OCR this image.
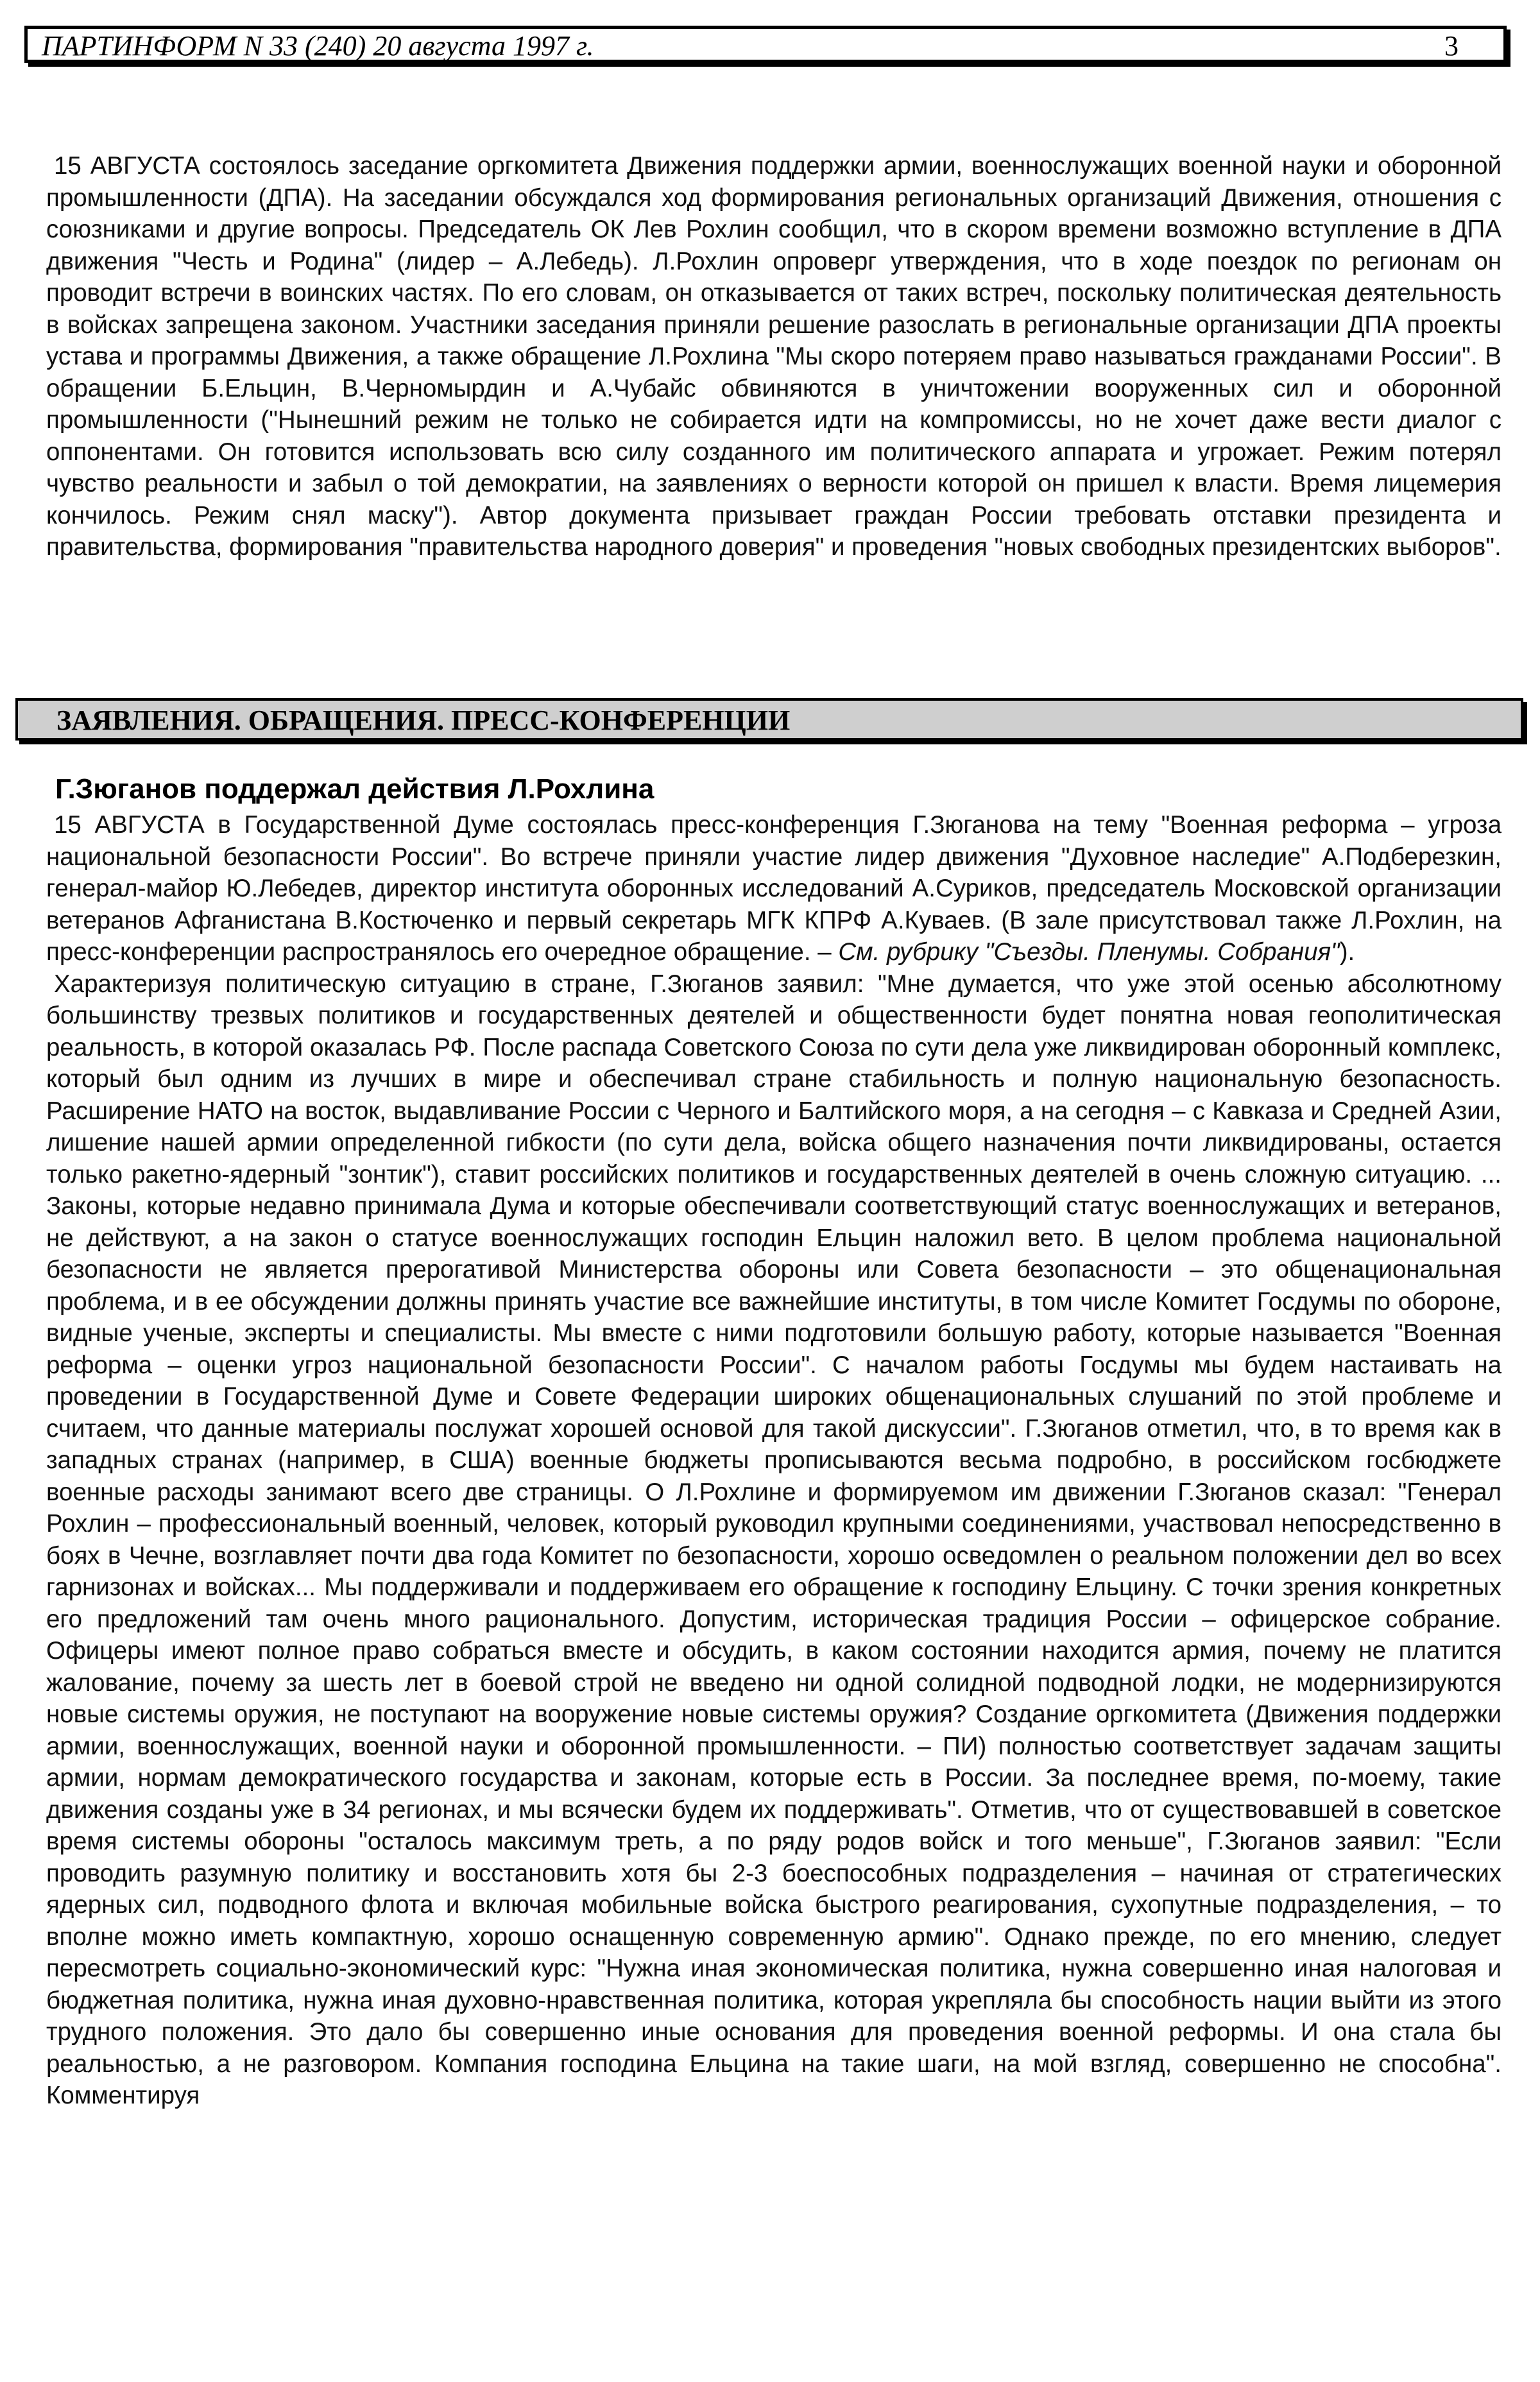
ПАРТИНФОРМ N 33 (240) 20 августа 1997 г.	3

15 АВГУСТА состоялось заседание оргкомитета Движения поддержки армии, военнослужащих военной науки и оборонной промышленности (ДПА). На заседании обсуждался ход формирования региональных организаций Движения, отношения с союзниками и другие вопросы. Председатель ОК Лев Рохлин сообщил, что в скором времени возможно вступление в ДПА движения "Честь и Родина" (лидер – А.Лебедь). Л.Рохлин опроверг утверждения, что в ходе поездок по регионам он проводит встречи в воинских частях. По его словам, он отказывается от таких встреч, поскольку политическая деятельность в войсках запрещена законом. Участники заседания приняли решение разослать в региональные организации ДПА проекты устава и программы Движения, а также обращение Л.Рохлина "Мы скоро потеряем право называться гражданами России". В обращении Б.Ельцин, В.Черномырдин и А.Чубайс обвиняются в уничтожении вооруженных сил и оборонной промышленности ("Нынешний режим не только не собирается идти на компромиссы, но не хочет даже вести диалог с оппонентами. Он готовится использовать всю силу созданного им политического аппарата и угрожает. Режим потерял чувство реальности и забыл о той демократии, на заявлениях о верности которой он пришел к власти. Время лицемерия кончилось. Режим снял маску"). Автор документа призывает граждан России требовать отставки президента и правительства, формирования "правительства народного доверия" и проведения "новых свободных президентских выборов".

ЗАЯВЛЕНИЯ. ОБРАЩЕНИЯ. ПРЕСС-КОНФЕРЕНЦИИ
Г.Зюганов поддержал действия Л.Рохлина

15 АВГУСТА в Государственной Думе состоялась пресс-конференция Г.Зюганова на тему "Военная реформа – угроза национальной безопасности России". Во встрече приняли участие лидер движения "Духовное наследие" А.Подберезкин, генерал-майор Ю.Лебедев, директор института оборонных исследований А.Суриков, председатель Московской организации ветеранов Афганистана В.Костюченко и первый секретарь МГК КПРФ А.Куваев. (В зале присутствовал также Л.Рохлин, на пресс-конференции распространялось его очередное обращение. – См. рубрику "Съезды. Пленумы. Собрания").

Характеризуя политическую ситуацию в стране, Г.Зюганов заявил: "Мне думается, что уже этой осенью абсолютному большинству трезвых политиков и государственных деятелей и общественности будет понятна новая геополитическая реальность, в которой оказалась РФ. После распада Советского Союза по сути дела уже ликвидирован оборонный комплекс, который был одним из лучших в мире и обеспечивал стране стабильность и полную национальную безопасность. Расширение НАТО на восток, выдавливание России с Черного и Балтийского моря, а на сегодня – с Кавказа и Средней Азии, лишение нашей армии определенной гибкости (по сути дела, войска общего назначения почти ликвидированы, остается только ракетно-ядерный "зонтик"), ставит российских политиков и государственных деятелей в очень сложную ситуацию. ... Законы, которые недавно принимала Дума и которые обеспечивали соответствующий статус военнослужащих и ветеранов, не действуют, а на закон о статусе военнослужащих господин Ельцин наложил вето. В целом проблема национальной безопасности не является прерогативой Министерства обороны или Совета безопасности – это общенациональная проблема, и в ее обсуждении должны принять участие все важнейшие институты, в том числе Комитет Госдумы по обороне, видные ученые, эксперты и специалисты. Мы вместе с ними подготовили большую работу, которые называется "Военная реформа – оценки угроз национальной безопасности России". С началом работы Госдумы мы будем настаивать на проведении в Государственной Думе и Совете Федерации широких общенациональных слушаний по этой проблеме и считаем, что данные материалы послужат хорошей основой для такой дискуссии". Г.Зюганов отметил, что, в то время как в западных странах (например, в США) военные бюджеты прописываются весьма подробно, в российском госбюджете военные расходы занимают всего две страницы. О Л.Рохлине и формируемом им движении Г.Зюганов сказал: "Генерал Рохлин – профессиональный военный, человек, который руководил крупными соединениями, участвовал непосредственно в боях в Чечне, возглавляет почти два года Комитет по безопасности, хорошо осведомлен о реальном положении дел во всех гарнизонах и войсках... Мы поддерживали и поддерживаем его обращение к господину Ельцину. С точки зрения конкретных его предложений там очень много рационального. Допустим, историческая традиция России – офицерское собрание. Офицеры имеют полное право собраться вместе и обсудить, в каком состоянии находится армия, почему не платится жалование, почему за шесть лет в боевой строй не введено ни одной солидной подводной лодки, не модернизируются новые системы оружия, не поступают на вооружение новые системы оружия? Создание оргкомитета (Движения поддержки армии, военнослужащих, военной науки и оборонной промышленности. – ПИ) полностью соответствует задачам защиты армии, нормам демократического государства и законам, которые есть в России. За последнее время, по-моему, такие движения созданы уже в 34 регионах, и мы всячески будем их поддерживать". Отметив, что от существовавшей в советское время системы обороны "осталось максимум треть, а по ряду родов войск и того меньше", Г.Зюганов заявил: "Если проводить разумную политику и восстановить хотя бы 2-3 боеспособных подразделения – начиная от стратегических ядерных сил, подводного флота и включая мобильные войска быстрого реагирования, сухопутные подразделения, – то вполне можно иметь компактную, хорошо оснащенную современную армию". Однако прежде, по его мнению, следует пересмотреть социально-экономический курс: "Нужна иная экономическая политика, нужна совершенно иная налоговая и бюджетная политика, нужна иная духовно-нравственная политика, которая укрепляла бы способность нации выйти из этого трудного положения. Это дало бы совершенно иные основания для проведения военной реформы. И она стала бы реальностью, а не разговором. Компания господина Ельцина на такие шаги, на мой взгляд, совершенно не способна". Комментируя
